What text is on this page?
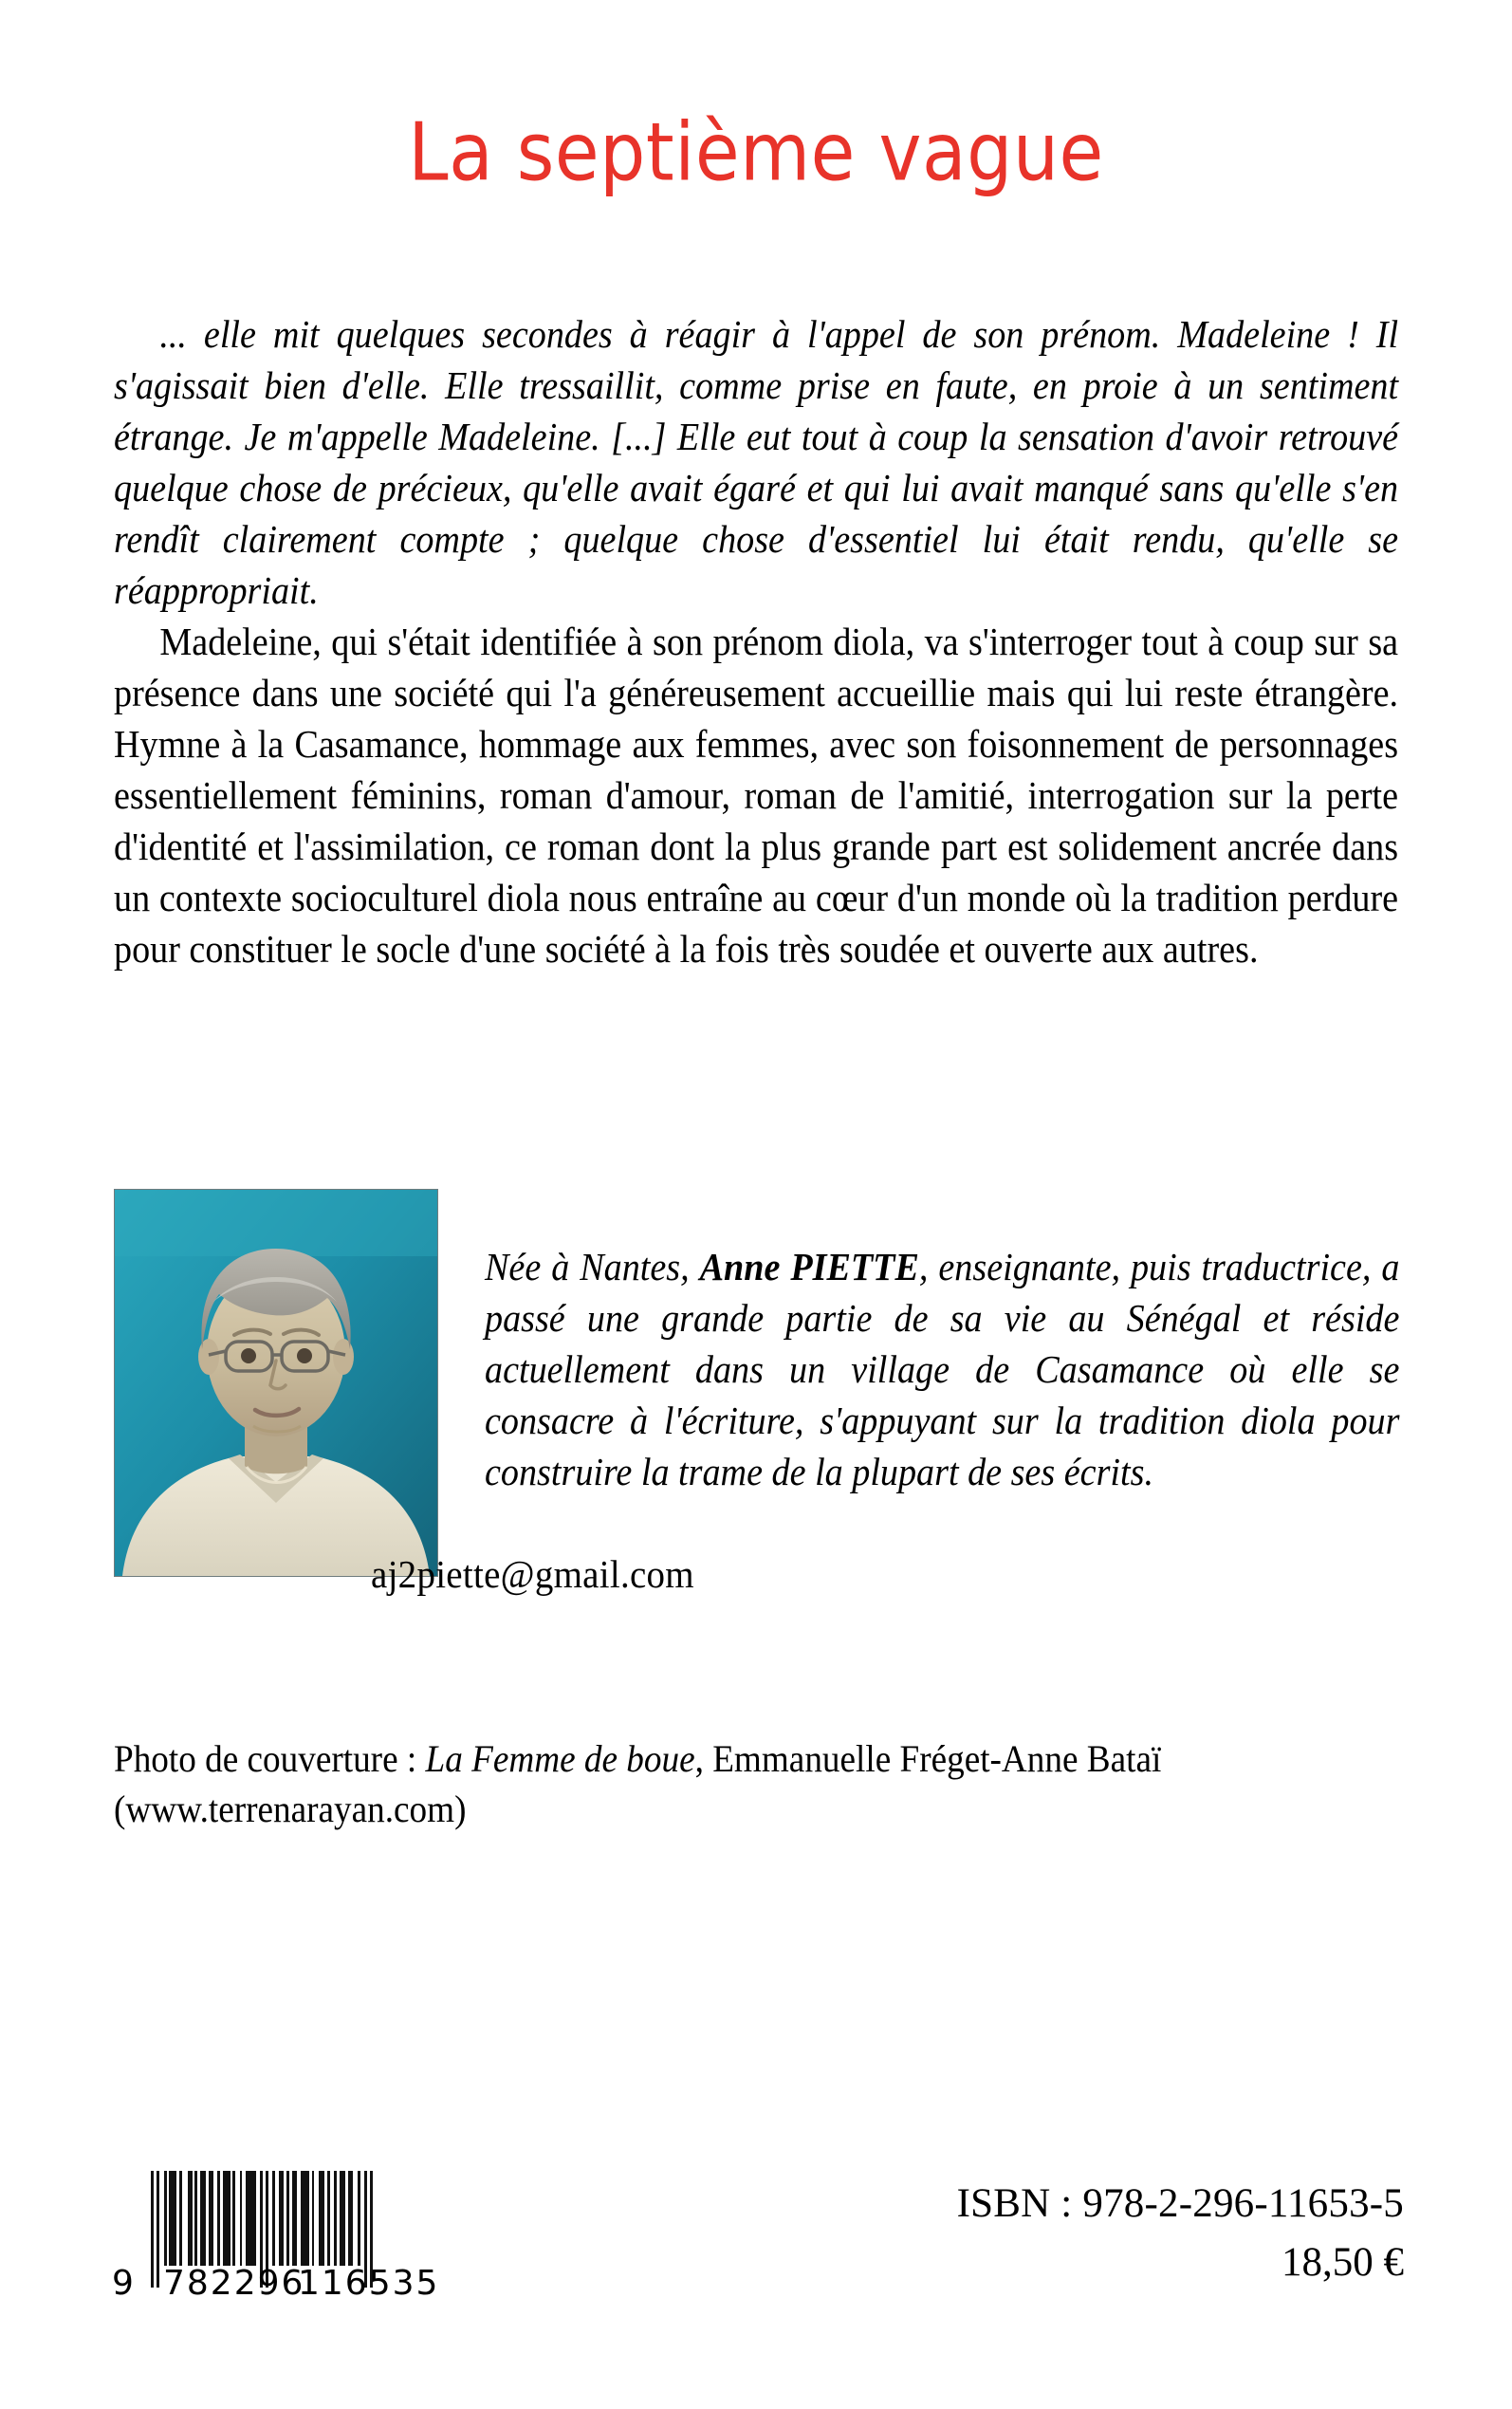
La septième vague

... elle mit quelques secondes à réagir à l'appel de son prénom. Madeleine ! Il s'agissait bien d'elle. Elle tressaillit, comme prise en faute, en proie à un sentiment étrange. Je m'appelle Madeleine. [...] Elle eut tout à coup la sensation d'avoir retrouvé quelque chose de précieux, qu'elle avait égaré et qui lui avait manqué sans qu'elle s'en rendît clairement compte ; quelque chose d'essentiel lui était rendu, qu'elle se réappropriait.

Madeleine, qui s'était identifiée à son prénom diola, va s'interroger tout à coup sur sa présence dans une société qui l'a généreusement accueillie mais qui lui reste étrangère. Hymne à la Casamance, hommage aux femmes, avec son foisonnement de personnages essentiellement féminins, roman d'amour, roman de l'amitié, interrogation sur la perte d'identité et l'assimilation, ce roman dont la plus grande part est solidement ancrée dans un contexte socioculturel diola nous entraîne au cœur d'un monde où la tradition perdure pour constituer le socle d'une société à la fois très soudée et ouverte aux autres.

Née à Nantes, Anne PIETTE, enseignante, puis traductrice, a passé une grande partie de sa vie au Sénégal et réside actuellement dans un village de Casamance où elle se consacre à l'écriture, s'appuyant sur la tradition diola pour construire la trame de la plupart de ses écrits.

aj2piette@gmail.com

Photo de couverture : La Femme de boue, Emmanuelle Fréget-Anne Bataï
(www.terrenarayan.com)

9 782296
116535
ISBN : 978-2-296-11653-5
18,50 €
